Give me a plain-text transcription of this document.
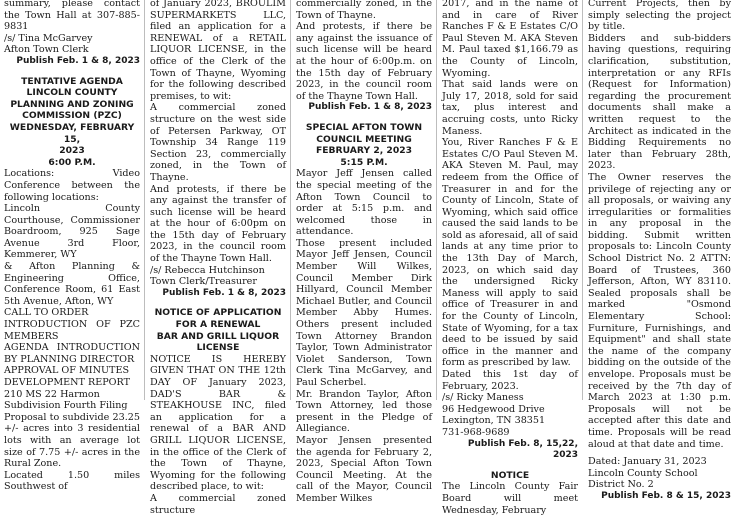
summary, please contact the Town Hall at 307-885-9831

/s/ Tina McGarvey

Afton Town Clerk

Publish Feb. 1 & 8, 2023

TENTATIVE AGENDA

LINCOLN COUNTY

PLANNING AND ZONING

COMMISSION (PZC)

WEDNESDAY, FEBRUARY 15,

2023

6:00 P.M.

Locations: Video Conference between the following locations:

Lincoln County Courthouse, Commissioner Boardroom, 925 Sage Avenue 3rd Floor, Kemmerer, WY

& Afton Planning & Engineering Office, Conference Room, 61 East 5th Avenue, Afton, WY

CALL TO ORDER

INTRODUCTION OF PZC MEMBERS

AGENDA INTRODUCTION BY PLANNING DIRECTOR

APPROVAL OF MINUTES

DEVELOPMENT REPORT

210 MS 22 Harmon Subdivision Fourth Filing

Proposal to subdivide 23.25 +/- acres into 3 residential lots with an average lot size of 7.75 +/- acres in the Rural Zone.

Located 1.50 miles Southwest of

of January 2023, BROULIM SUPERMARKETS LLC, filed an application for a RENEWAL of a RETAIL LIQUOR LICENSE, in the office of the Clerk of the Town of Thayne, Wyoming for the following described premises, to wit:

A commercial zoned structure on the west side of Petersen Parkway, OT Township 34 Range 119 Section 23, commercially zoned, in the Town of Thayne.

And protests, if there be any against the transfer of such license will be heard at the hour of 6:00pm on the 15th day of February 2023, in the council room of the Thayne Town Hall.

/s/ Rebecca Hutchinson

Town Clerk/Treasurer

Publish Feb. 1 & 8, 2023

NOTICE OF APPLICATION

FOR A RENEWAL

BAR AND GRILL LIQUOR

LICENSE

NOTICE IS HEREBY GIVEN THAT ON THE 12th DAY OF January 2023, DAD'S BAR & STEAKHOUSE INC, filed an application for a renewal of a BAR AND GRILL LIQUOR LICENSE, in the office of the Clerk of the Town of Thayne, Wyoming for the following described place, to wit:

A commercial zoned structure

commercially zoned, in the Town of Thayne.

And protests, if there be any against the issuance of such license will be heard at the hour of 6:00p.m. on the 15th day of February 2023, in the council room of the Thayne Town Hall.

Publish Feb. 1 & 8, 2023

SPECIAL AFTON TOWN

COUNCIL MEETING

FEBRUARY 2, 2023

5:15 P.M.

Mayor Jeff Jensen called the special meeting of the Afton Town Council to order at 5:15 p.m. and welcomed those in attendance.

Those present included Mayor Jeff Jensen, Council Member Will Wilkes, Council Member Dirk Hillyard, Council Member Michael Butler, and Council Member Abby Humes. Others present included Town Attorney Brandon Taylor, Town Administrator Violet Sanderson, Town Clerk Tina McGarvey, and Paul Scherbel.

Mr. Brandon Taylor, Afton Town Attorney, led those present in the Pledge of Allegiance.

Mayor Jensen presented the agenda for February 2, 2023, Special Afton Town Council Meeting. At the call of the Mayor, Council Member Wilkes

2017, and in the name of and in care of River Ranches F & E Estates C/O Paul Steven M. AKA Steven M. Paul taxed $1,166.79 as the County of Lincoln, Wyoming.

That said lands were on July 17, 2018, sold for said tax, plus interest and accruing costs, unto Ricky Maness.

You, River Ranches F & E Estates C/O Paul Steven M. AKA Steven M. Paul, may redeem from the Office of Treasurer in and for the County of Lincoln, State of Wyoming, which said office caused the said lands to be sold as aforesaid, all of said lands at any time prior to the 13th Day of March, 2023, on which said day the undersigned Ricky Maness will apply to said office of Treasurer in and for the County of Lincoln, State of Wyoming, for a tax deed to be issued by said office in the manner and form as prescribed by law.

Dated this 1st day of February, 2023.

/s/ Ricky Maness

96 Hedgewood Drive

Lexington, TN 38351

731-968-9689

Publish Feb. 8, 15,22, 2023

NOTICE

The Lincoln County Fair Board will meet Wednesday, February

Current Projects, then by simply selecting the project by title.

Bidders and sub-bidders having questions, requiring clarification, substitution, interpretation or any RFIs (Request for Information) regarding the procurement documents shall make a written request to the Architect as indicated in the Bidding Requirements no later than February 28th, 2023.

The Owner reserves the privilege of rejecting any or all proposals, or waiving any irregularities or formalities in any proposal in the bidding. Submit written proposals to: Lincoln County School District No. 2 ATTN: Board of Trustees, 360 Jefferson, Afton, WY 83110. Sealed proposals shall be marked "Osmond Elementary School: Furniture, Furnishings, and Equipment" and shall state the name of the company bidding on the outside of the envelope. Proposals must be received by the 7th day of March 2023 at 1:30 p.m. Proposals will not be accepted after this date and time. Proposals will be read aloud at that date and time.

Dated: January 31, 2023

Lincoln County School District No. 2

Publish Feb. 8 & 15, 2023
